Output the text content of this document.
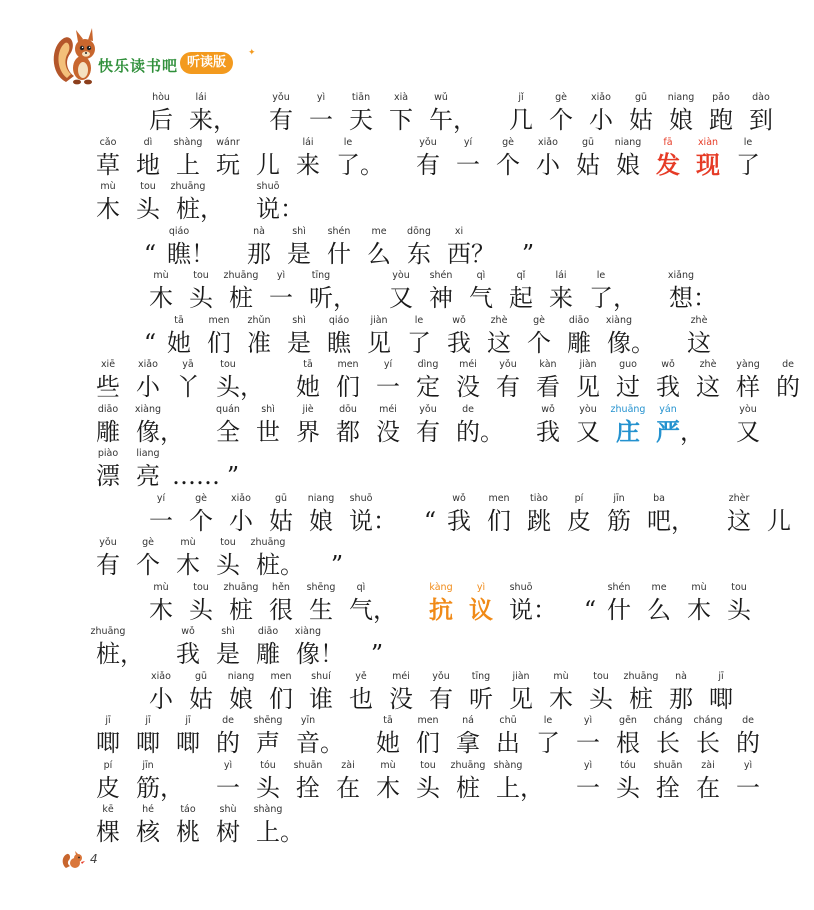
快乐读书吧 听读版
✦
hòu
后
lái
来 ，
yǒu
有
yì
一
tiān
天
xià
下
wǔ
午 ，
jǐ
几
gè
个
xiǎo
小
gū
姑
niang
娘
pǎo
跑
dào
到
cǎo
草
dì
地
shàng
上
wánr
玩 儿
lái
来
le
了 。
yǒu
有
yí
一
gè
个
xiǎo
小
gū
姑
niang
娘
fā
发
xiàn
现
le
了
mù
木
tou
头
zhuāng
桩 ，
shuō
说 ：
“
qiáo
瞧 ！
nà
那
shì
是
shén
什
me
么
dōng
东
xi
西 ？	”
mù
木
tou
头
zhuāng
桩
yì
一
tīng
听 ，
yòu
又
shén
神
qì
气
qǐ
起
lái
来
le
了 ，
xiǎng
想 ：
“
tā
她
men
们
zhǔn
准
shì
是
qiáo
瞧
jiàn
见
le
了
wǒ
我
zhè
这
gè
个
diāo
雕
xiàng
像 。
zhè
这
xiē
些
xiǎo
小
yā
丫
tou
头 ，
tā
她
men
们
yí
一
dìng
定
méi
没
yǒu
有
kàn
看
jiàn
见
guo
过
wǒ
我
zhè
这
yàng
样
de
的
diāo
雕
xiàng
像 ，
quán
全
shì
世
jiè
界
dōu
都
méi
没
yǒu
有
de
的 。
wǒ
我
yòu
又
zhuāng
庄
yán
严 ，
yòu
又
piào
漂
liang
亮 …… ”
yí
一
gè
个
xiǎo
小
gū
姑
niang
娘
shuō
说 ：	“
wǒ
我
men
们
tiào
跳
pí
皮
jīn
筋
ba
吧 ，
zhèr
这 儿
yǒu
有
gè
个
mù
木
tou
头
zhuāng
桩 。	”
mù
木
tou
头
zhuāng
桩
hěn
很
shēng
生
qì
气 ，
kàng
抗
yì
议
shuō
说 ：	“
shén
什
me
么
mù
木
tou
头
zhuāng
桩 ，
wǒ
我
shì
是
diāo
雕
xiàng
像 ！	”
xiǎo
小
gū
姑
niang
娘
men
们
shuí
谁
yě
也
méi
没
yǒu
有
tīng
听
jiàn
见
mù
木
tou
头
zhuāng
桩
nà
那
jī
唧
jī
唧
jī
唧
jī
唧
de
的
shēng
声
yīn
音 。
tā
她
men
们
ná
拿
chū
出
le
了
yì
一
gēn
根
cháng
长
cháng
长
de
的
pí
皮
jīn
筋 ，
yì
一
tóu
头
shuān
拴
zài
在
mù
木
tou
头
zhuāng
桩
shàng
上 ，
yì
一
tóu
头
shuān
拴
zài
在
yì
一
kē
棵
hé
核
táo
桃
shù
树
shàng
上 。
4
